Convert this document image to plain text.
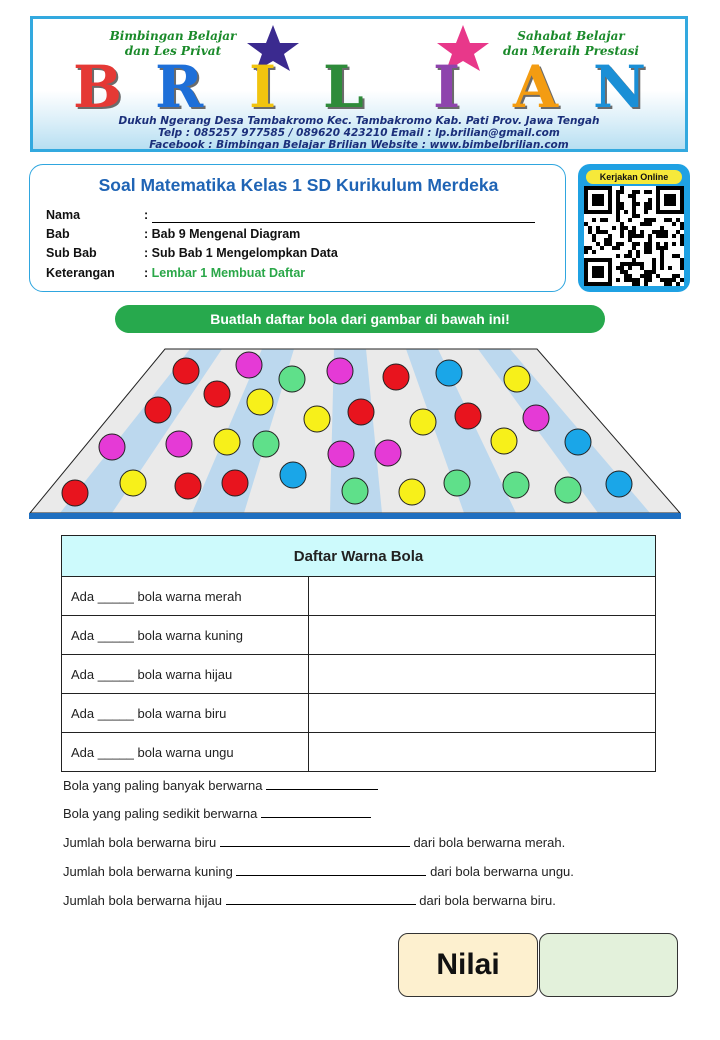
Bimbingan Belajar
dan Les Privat
Sahabat Belajar
dan Meraih Prestasi
B R I L I A N
Dukuh Ngerang Desa Tambakromo Kec. Tambakromo Kab. Pati Prov. Jawa Tengah
Telp : 085257 977585 / 089620 423210 Email : lp.brilian@gmail.com
Facebook : Bimbingan Belajar Brilian Website : www.bimbelbrilian.com
Soal Matematika Kelas 1 SD Kurikulum Merdeka
Nama	:
Bab	: Bab 9 Mengenal Diagram
Sub Bab	: Sub Bab 1 Mengelompkan Data
Keterangan : Lembar 1 Membuat Daftar
Kerjakan Online
Buatlah daftar bola dari gambar di bawah ini!
Daftar Warna Bola	
Ada _____ bola warna merah	
Ada _____ bola warna kuning	
Ada _____ bola warna hijau	
Ada _____ bola warna biru	
Ada _____ bola warna ungu	
Bola yang paling banyak berwarna
Bola yang paling sedikit berwarna
Jumlah bola berwarna biru	dari bola berwarna merah.
Jumlah bola berwarna kuning	dari bola berwarna ungu.
Jumlah bola berwarna hijau	dari bola berwarna biru.
Nilai
